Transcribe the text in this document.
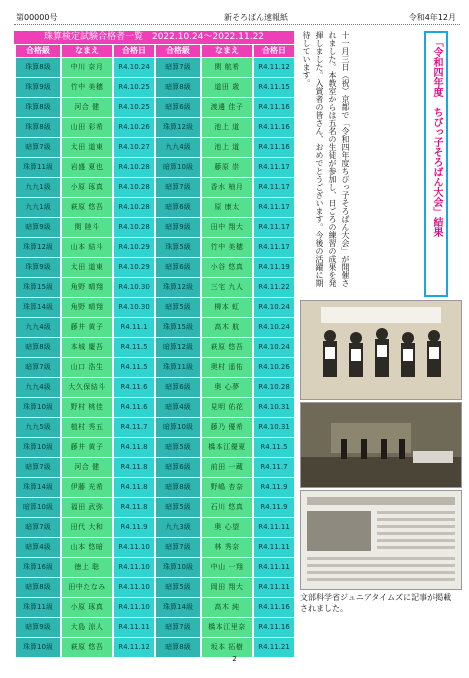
第00000号	新そろばん速報紙	令和4年12月
珠算検定試験合格者一覧　2022.10.24〜2022.11.22
合格級	なまえ	合格日	合格級	なまえ	合格日
珠算8級	中川 奈月	R4.10.24	暗算7級	関 航希	R4.11.12
珠算9級	竹中 美穂	R4.10.25	暗算8級	道田 歳	R4.11.15
珠算8級	河合 健	R4.10.25	暗算6級	渡邊 佳子	R4.11.16
珠算8級	山田 彩希	R4.10.26	珠算12級	池上 道	R4.11.16
暗算7級	太田 道東	R4.10.27	九九4級	池上 道	R4.11.16
珠算11級	岩盛 夏也	R4.10.28	暗算10級	藤原 崇	R4.11.17
九九1級	小原 琢真	R4.10.28	暗算7級	香水 柚月	R4.11.17
九九1級	萩原 悠吾	R4.10.28	暗算6級	原 康太	R4.11.17
暗算9級	関 陸斗	R4.10.28	暗算9級	田中 翔大	R4.11.17
珠算12級	山本 結斗	R4.10.29	珠算5級	竹中 美穂	R4.11.17
珠算9級	太田 道東	R4.10.29	暗算6級	小谷 悠真	R4.11.19
珠算15級	角野 晴翔	R4.10.30	珠算12級	三宅 九人	R4.11.22
珠算14級	角野 晴翔	R4.10.30	暗算5級	柳本 虹	R4.10.24
九九4級	藤井 黄子	R4.11.1	珠算15級	高木 航	R4.10.24
暗算8級	本城 慶吾	R4.11.5	暗算12級	萩原 悠吾	R4.10.24
暗算7級	山口 浩生	R4.11.5	珠算11級	奥村 遥佑	R4.10.26
九九4級	大久保結斗	R4.11.6	暗算6級	奥 心夢	R4.10.28
珠算10級	野村 桃佳	R4.11.6	暗算4級	見明 佑花	R4.10.31
九九5級	植村 秀五	R4.11.7	暗算10級	藤乃 優希	R4.10.31
珠算10級	藤井 黄子	R4.11.8	暗算5級	橋本江優夏	R4.11.5
暗算7級	河合 健	R4.11.8	暗算6級	前田 一蔵	R4.11.7
珠算14級	伊藤 光希	R4.11.8	暗算8級	野嶋 杏奈	R4.11.9
暗算10級	福田 武弥	R4.11.8	暗算5級	石川 悠真	R4.11.9
暗算7級	田代 大和	R4.11.9	九九3級	奥 心望	R4.11.11
暗算4級	山本 悠暗	R4.11.10	暗算7級	林 秀奈	R4.11.11
珠算16級	徳上 聡	R4.11.10	珠算10級	中山 一翔	R4.11.11
暗算8級	田中たなみ	R4.11.10	暗算5級	岡田 翔大	R4.11.11
珠算11級	小原 琢真	R4.11.10	珠算14級	高木 純	R4.11.16
暗算9級	大島 涼人	R4.11.11	暗算7級	橋本江里奈	R4.11.16
珠算10級	萩原 悠吾	R4.11.12	暗算8級	坂本 拓樹	R4.11.21
十一月三日（祝）京都で「令和四年度ちびっ子そろばん大会」が開催されました。本教室からは五名の生徒が参加し、日ごろの練習の成果を発揮しました。入賞者の皆さん、おめでとうございます。今後の活躍に期待しています。	「令和四年度　ちびっ子そろばん大会」結果
文部科学省ジュニアタイムズに記事が掲載されました。
2
